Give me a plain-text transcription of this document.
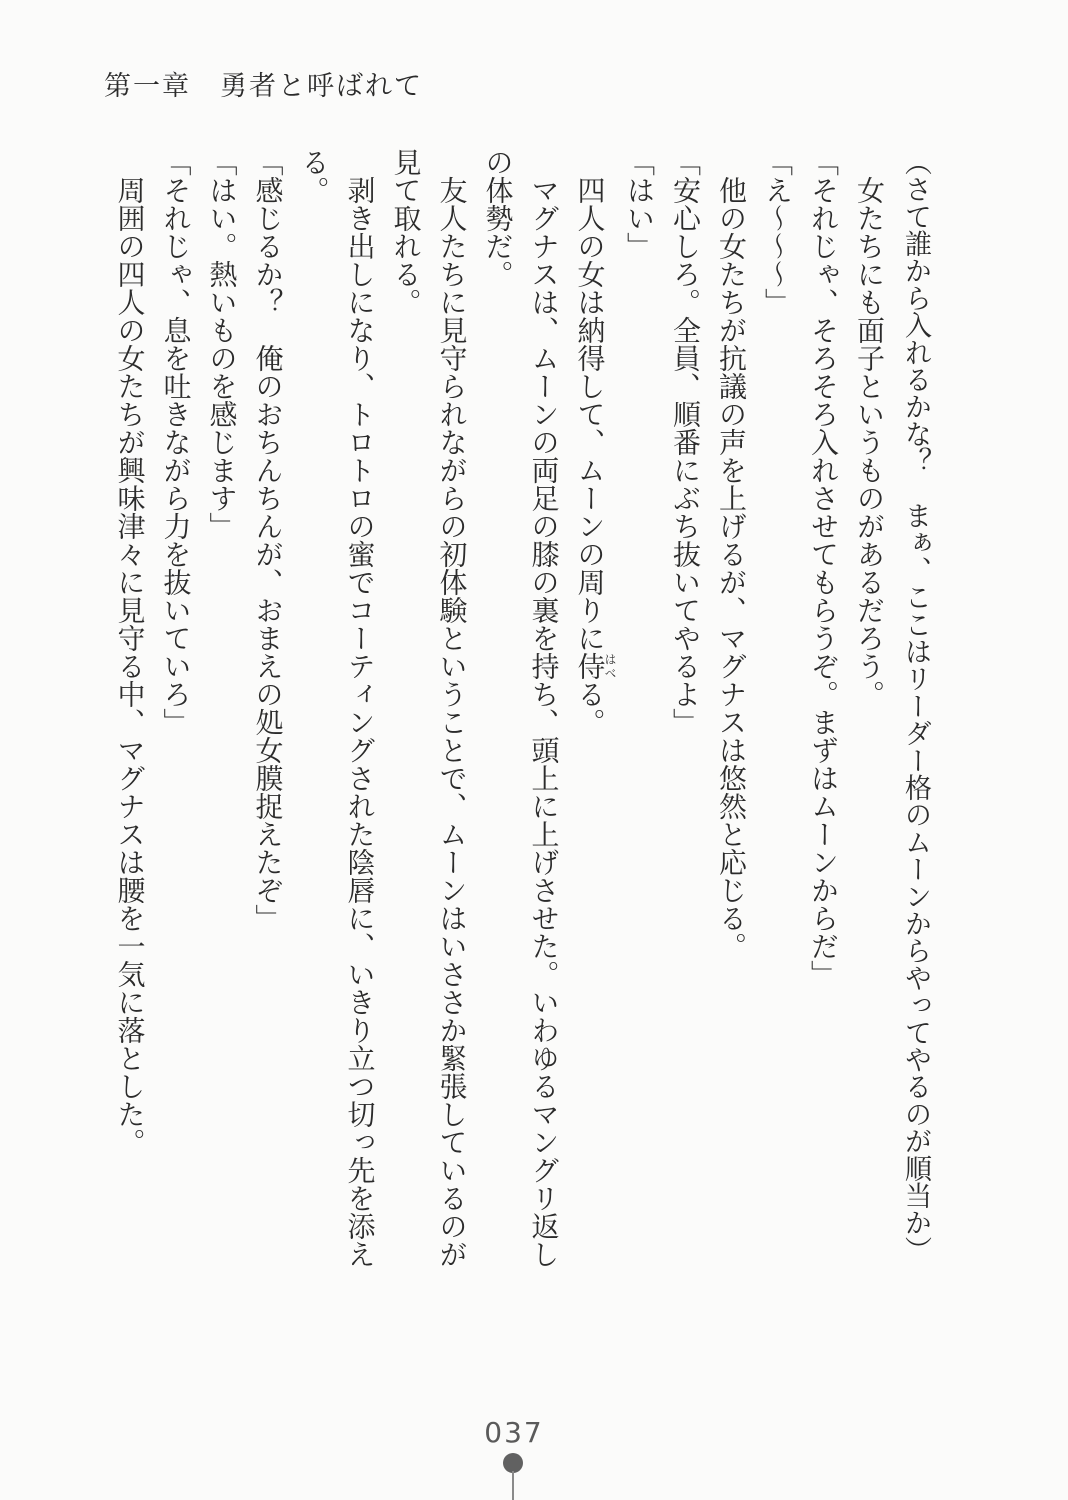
第一章　勇者と呼ばれて

（さて誰から入れるかな？　まぁ、ここはリーダー格のムーンからやってやるのが順当か）

女たちにも面子というものがあるだろう。

「それじゃ、そろそろ入れさせてもらうぞ。まずはムーンからだ」

「え～～～」

他の女たちが抗議の声を上げるが、マグナスは悠然と応じる。

「安心しろ。全員、順番にぶち抜いてやるよ」

「はい」

四人の女は納得して、ムーンの周りに侍はべる。

マグナスは、ムーンの両足の膝の裏を持ち、頭上に上げさせた。いわゆるマングリ返しの体勢だ。

友人たちに見守られながらの初体験ということで、ムーンはいささか緊張しているのが見て取れる。

剥き出しになり、トロトロの蜜でコーティングされた陰唇に、いきり立つ切っ先を添える。

「感じるか？　俺のおちんちんが、おまえの処女膜捉えたぞ」

「はい。熱いものを感じます」

「それじゃ、息を吐きながら力を抜いていろ」

周囲の四人の女たちが興味津々に見守る中、マグナスは腰を一気に落とした。

037
